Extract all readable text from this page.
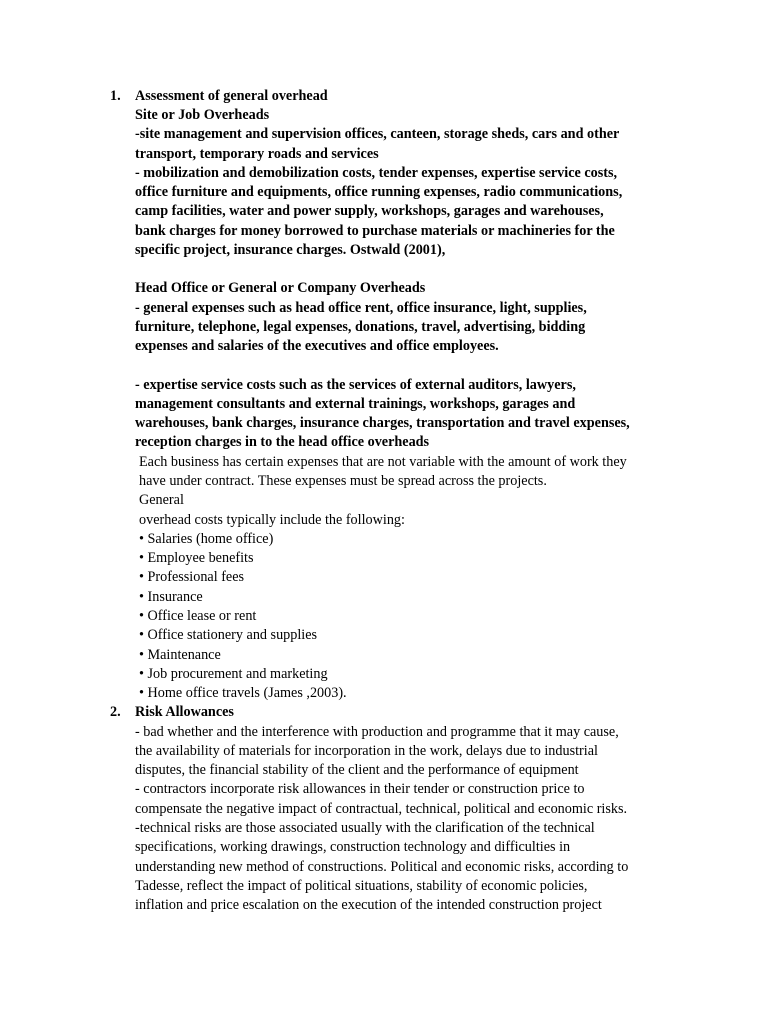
1. Assessment of general overhead
Site or Job Overheads
-site management and supervision offices, canteen, storage sheds, cars and other
transport, temporary roads and services
- mobilization and demobilization costs, tender expenses, expertise service costs,
office furniture and equipments, office running expenses, radio communications,
camp facilities, water and power supply, workshops, garages and warehouses,
bank charges for money borrowed to purchase materials or machineries for the
specific project, insurance charges. Ostwald (2001),
Head Office or General or Company Overheads
- general expenses such as head office rent, office insurance, light, supplies,
furniture, telephone, legal expenses, donations, travel, advertising, bidding
expenses and salaries of the executives and office employees.
- expertise service costs such as the services of external auditors, lawyers,
management consultants and external trainings, workshops, garages and
warehouses, bank charges, insurance charges, transportation and travel expenses,
reception charges in to the head office overheads
Each business has certain expenses that are not variable with the amount of work they
have under contract. These expenses must be spread across the projects.
General
overhead costs typically include the following:
• Salaries (home office)
• Employee benefits
• Professional fees
• Insurance
• Office lease or rent
• Office stationery and supplies
• Maintenance
• Job procurement and marketing
• Home office travels (James ,2003).
2. Risk Allowances
- bad whether and the interference with production and programme that it may cause,
the availability of materials for incorporation in the work, delays due to industrial
disputes, the financial stability of the client and the performance of equipment
- contractors incorporate risk allowances in their tender or construction price to
compensate the negative impact of contractual, technical, political and economic risks.
-technical risks are those associated usually with the clarification of the technical
specifications, working drawings, construction technology and difficulties in
understanding new method of constructions. Political and economic risks, according to
Tadesse, reflect the impact of political situations, stability of economic policies,
inflation and price escalation on the execution of the intended construction project
